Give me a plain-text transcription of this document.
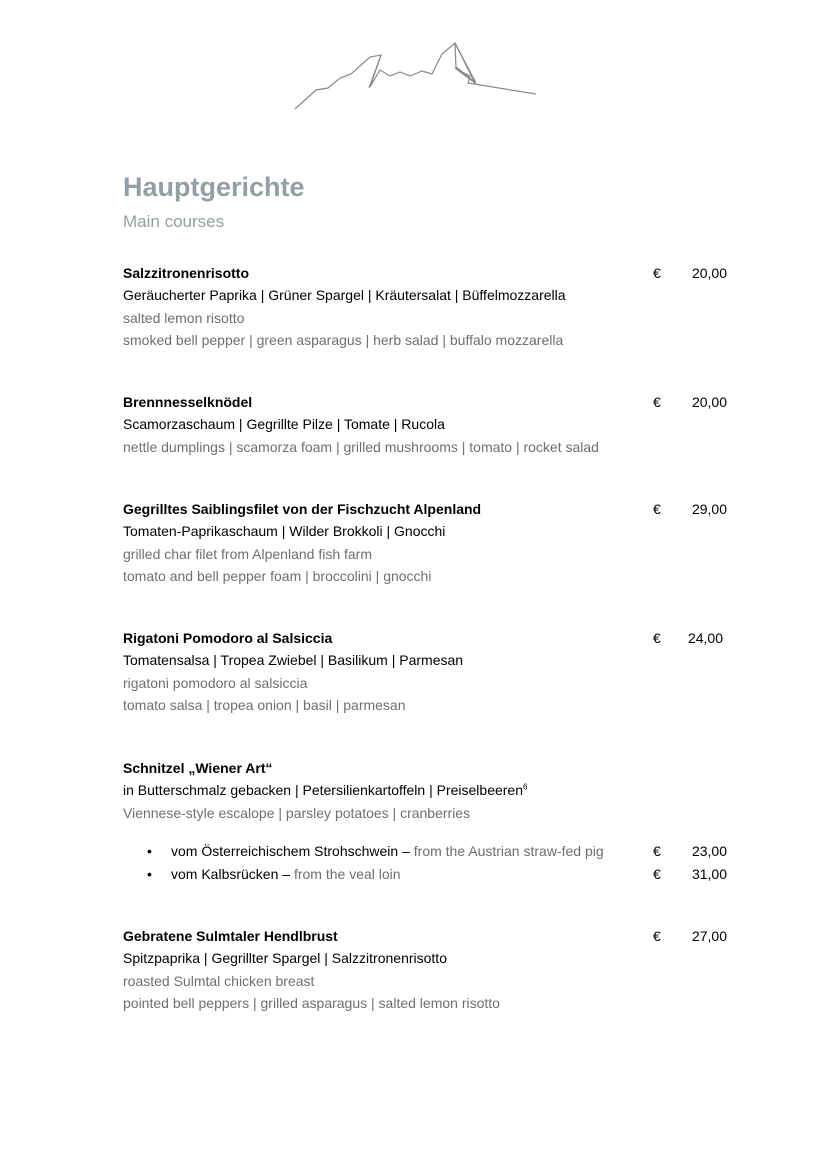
Hauptgerichte
Main courses
Salzzitronenrisotto	€ 20,00
Geräucherter Paprika | Grüner Spargel | Kräutersalat | Büffelmozzarella
salted lemon risotto
smoked bell pepper | green asparagus | herb salad | buffalo mozzarella
Brennnesselknödel	€ 20,00
Scamorzaschaum | Gegrillte Pilze | Tomate | Rucola
nettle dumplings | scamorza foam | grilled mushrooms | tomato | rocket salad
Gegrilltes Saiblingsfilet von der Fischzucht Alpenland	€ 29,00
Tomaten-Paprikaschaum | Wilder Brokkoli | Gnocchi
grilled char filet from Alpenland fish farm
tomato and bell pepper foam | broccolini | gnocchi
Rigatoni Pomodoro al Salsiccia	€ 24,00
Tomatensalsa | Tropea Zwiebel | Basilikum | Parmesan
rigatoni pomodoro al salsiccia
tomato salsa | tropea onion | basil | parmesan
Schnitzel „Wiener Art“
in Butterschmalz gebacken | Petersilienkartoffeln | Preiselbeeren$^6$
Viennese-style escalope | parsley potatoes | cranberries
• vom Österreichischem Strohschwein – from the Austrian straw-fed pig	€ 23,00
• vom Kalbsrücken – from the veal loin	€ 31,00
Gebratene Sulmtaler Hendlbrust	€ 27,00
Spitzpaprika | Gegrillter Spargel | Salzzitronenrisotto
roasted Sulmtal chicken breast
pointed bell peppers | grilled asparagus | salted lemon risotto
